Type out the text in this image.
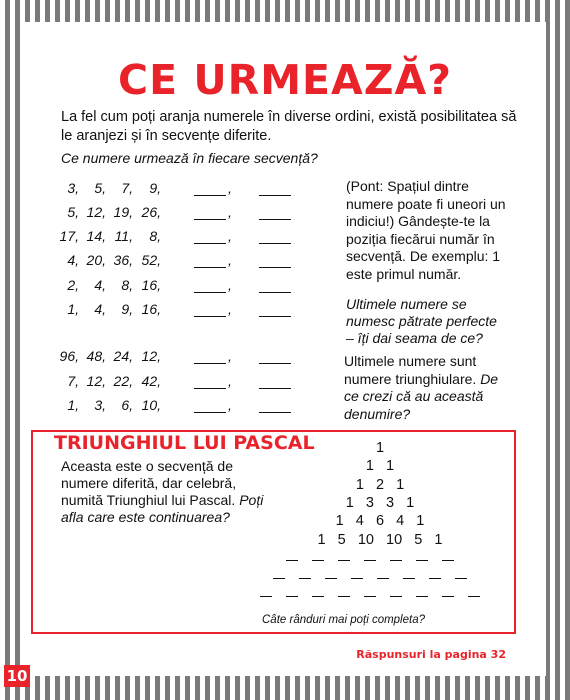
CE URMEAZĂ?
La fel cum poți aranja numerele în diverse ordini, există posibilitatea să le aranjezi și în secvențe diferite.
Ce numere urmează în fiecare secvență?
3,	5,	7,	9,	,
5, 12, 19, 26,	,
17, 14, 11,	8,	,
4, 20, 36, 52,	,
2,	4,	8, 16,	,
1,	4,	9, 16,	,
96, 48, 24, 12,	,
7, 12, 22, 42,	,
1,	3,	6, 10,	,
(Pont: Spațiul dintre numere poate fi uneori un indiciu!) Gândește-te la poziția fiecărui număr în secvență. De exemplu: 1 este primul număr.
Ultimele numere se numesc pătrate perfecte – îți dai seama de ce?
Ultimele numere sunt numere triunghiulare. De ce crezi că au această denumire?
TRIUNGHIUL LUI PASCAL
Aceasta este o secvență de numere diferită, dar celebră, numită Triunghiul lui Pascal. Poți afla care este continuarea?
1
1   1
1   2   1
1   3   3   1
1   4   6   4   1
1   5   10   10   5   1
Câte rânduri mai poți completa?
Răspunsuri la pagina 32
10
